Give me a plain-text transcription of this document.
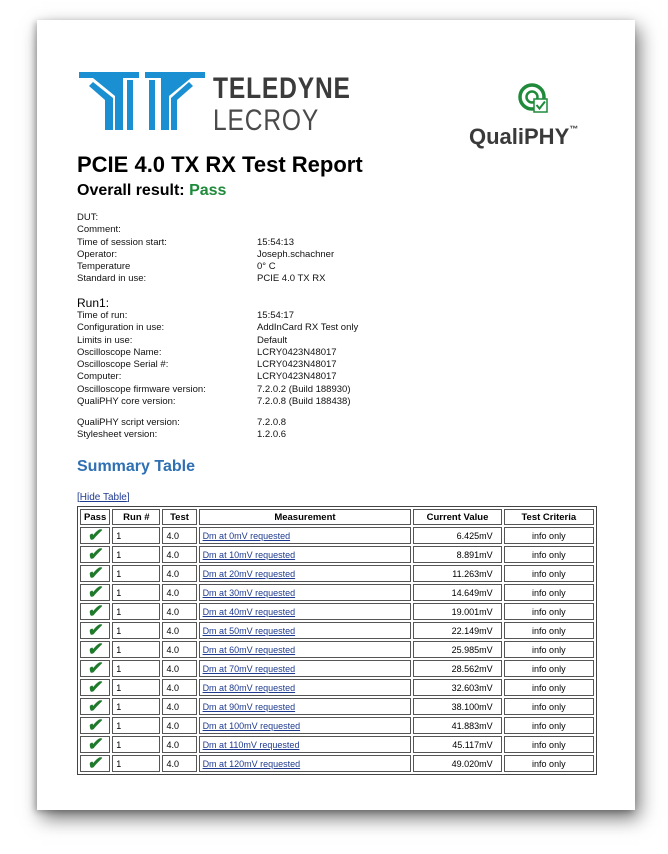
TELEDYNE
LECROY	QualiPHY™
PCIE 4.0 TX RX Test Report
Overall result: Pass
DUT:
Comment:
Time of session start:	15:54:13
Operator:	Joseph.schachner
Temperature	0° C
Standard in use:	PCIE 4.0 TX RX
Run1:
Time of run:	15:54:17
Configuration in use:	AddInCard RX Test only
Limits in use:	Default
Oscilloscope Name:	LCRY0423N48017
Oscilloscope Serial #:	LCRY0423N48017
Computer:	LCRY0423N48017
Oscilloscope firmware version:	7.2.0.2 (Build 188930)
QualiPHY core version:	7.2.0.8 (Build 188438)
QualiPHY script version:	7.2.0.8
Stylesheet version:	1.2.0.6
Summary Table
[Hide Table]
Pass	Run #	Test	Measurement	Current Value	Test Criteria
✔	1	4.0	Dm at 0mV requested	6.425mV	info only
✔	1	4.0	Dm at 10mV requested	8.891mV	info only
✔	1	4.0	Dm at 20mV requested	11.263mV	info only
✔	1	4.0	Dm at 30mV requested	14.649mV	info only
✔	1	4.0	Dm at 40mV requested	19.001mV	info only
✔	1	4.0	Dm at 50mV requested	22.149mV	info only
✔	1	4.0	Dm at 60mV requested	25.985mV	info only
✔	1	4.0	Dm at 70mV requested	28.562mV	info only
✔	1	4.0	Dm at 80mV requested	32.603mV	info only
✔	1	4.0	Dm at 90mV requested	38.100mV	info only
✔	1	4.0	Dm at 100mV requested	41.883mV	info only
✔	1	4.0	Dm at 110mV requested	45.117mV	info only
✔	1	4.0	Dm at 120mV requested	49.020mV	info only
